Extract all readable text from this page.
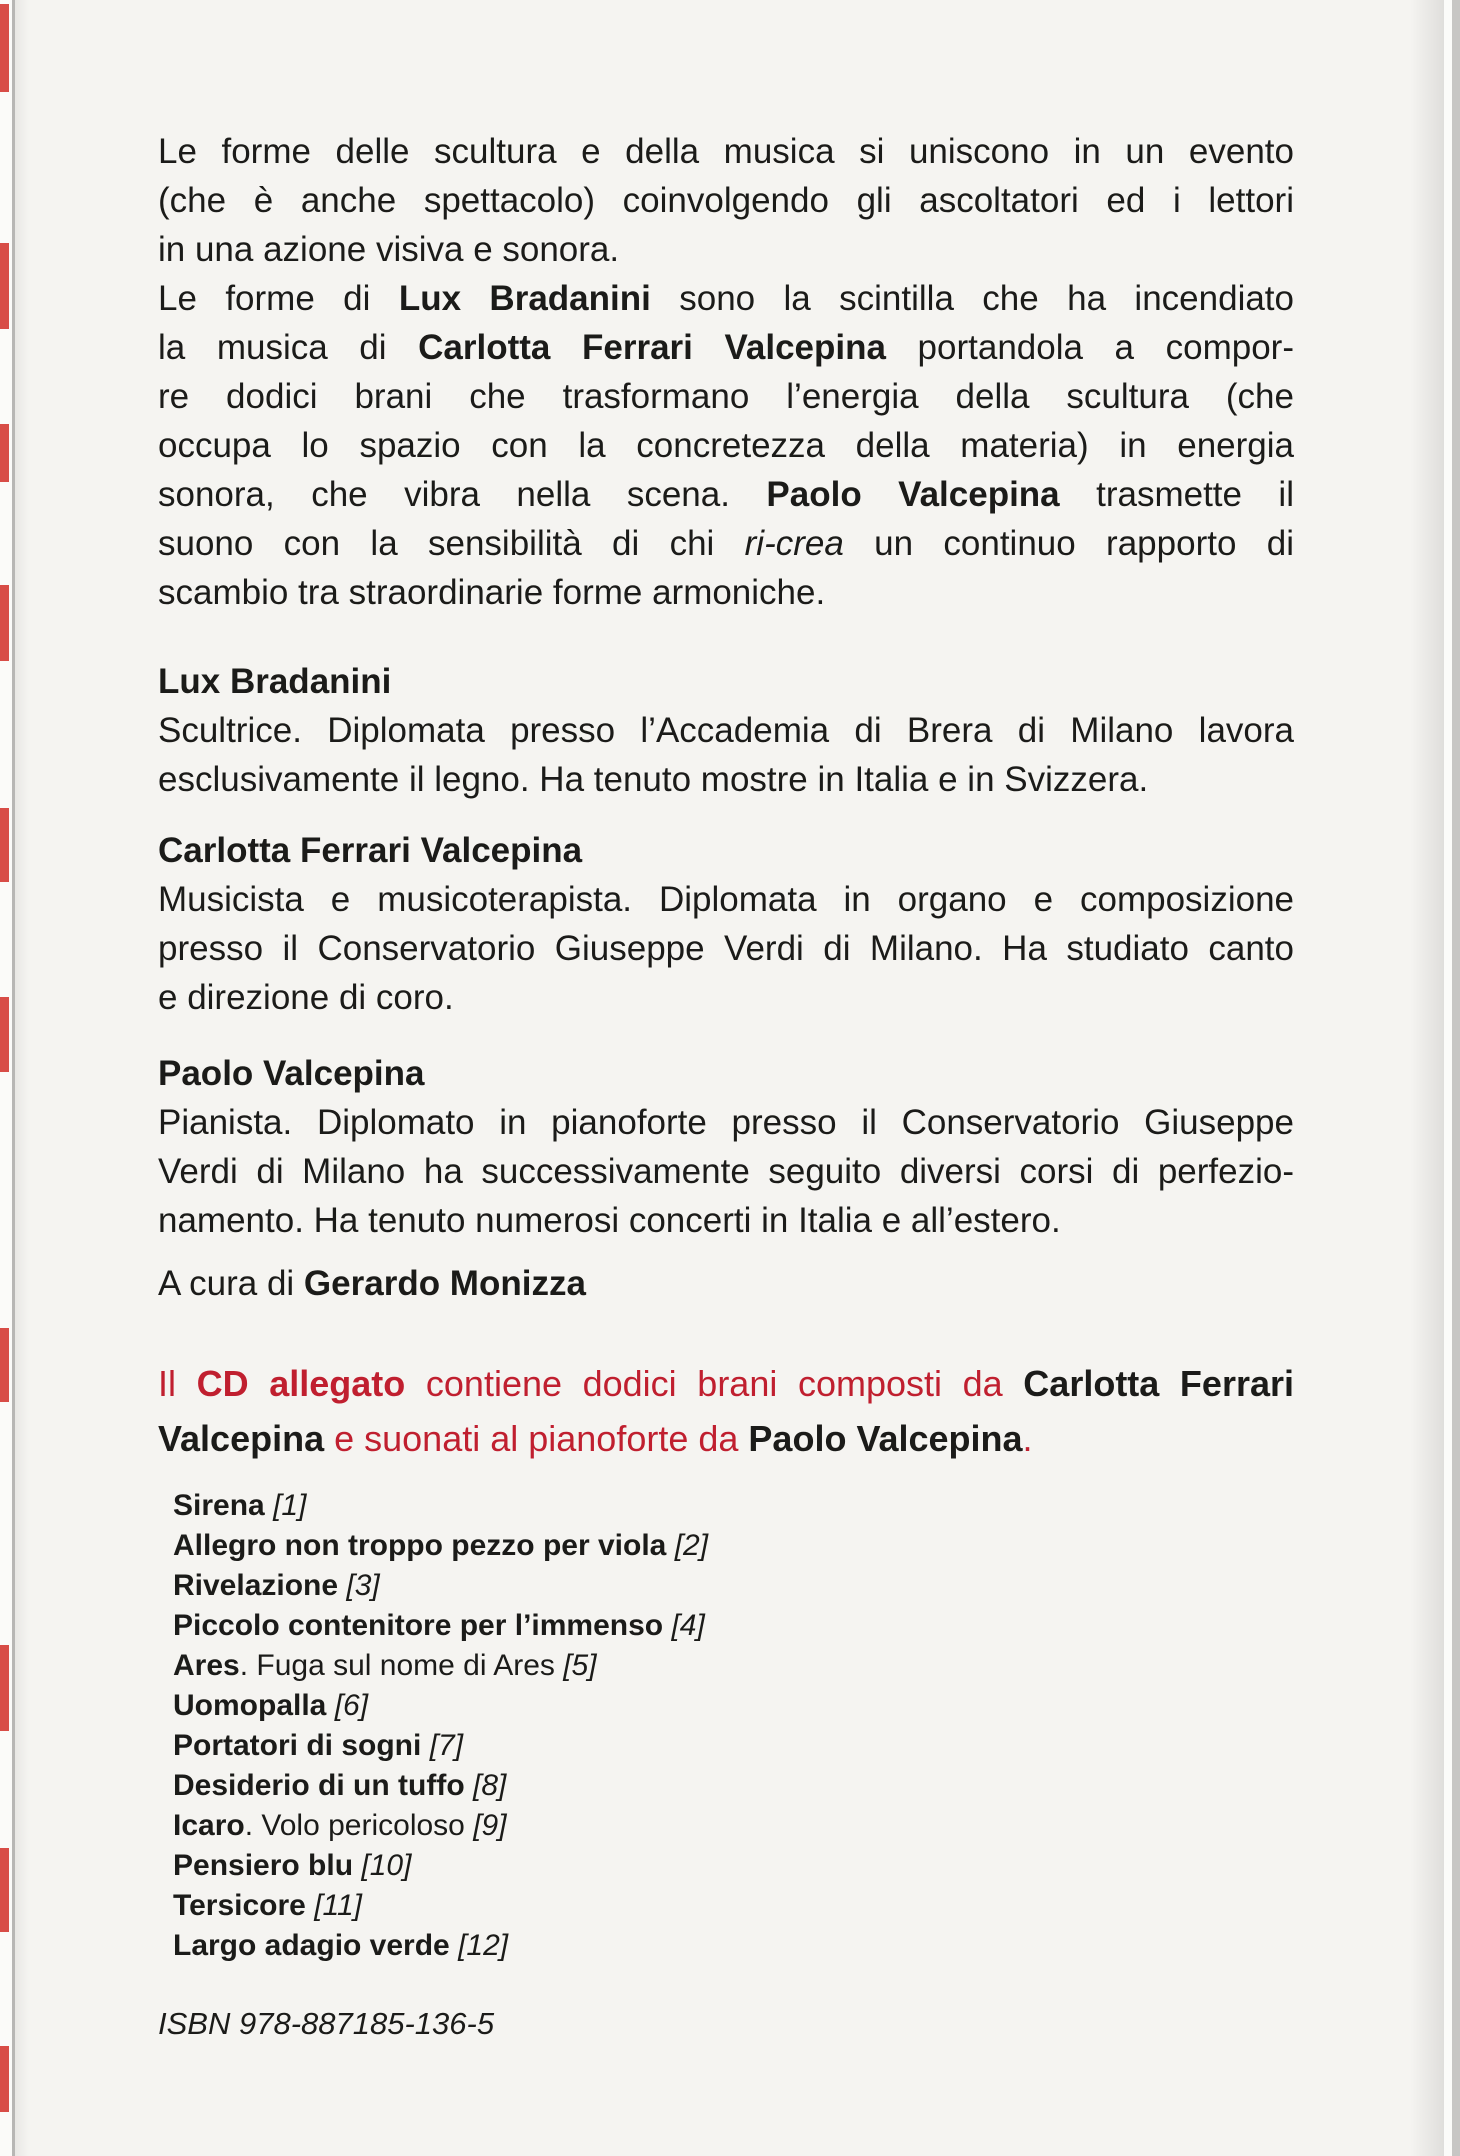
Le forme delle scultura e della musica si uniscono in un evento
(che è anche spettacolo) coinvolgendo gli ascoltatori ed i lettori
in una azione visiva e sonora.
Le forme di Lux Bradanini sono la scintilla che ha incendiato
la musica di Carlotta Ferrari Valcepina portandola a compor-
re dodici brani che trasformano l’energia della scultura (che
occupa lo spazio con la concretezza della materia) in energia
sonora, che vibra nella scena. Paolo Valcepina trasmette il
suono con la sensibilità di chi ri-crea un continuo rapporto di
scambio tra straordinarie forme armoniche.
Lux Bradanini
Scultrice. Diplomata presso l’Accademia di Brera di Milano lavora
esclusivamente il legno. Ha tenuto mostre in Italia e in Svizzera.
Carlotta Ferrari Valcepina
Musicista e musicoterapista. Diplomata in organo e composizione
presso il Conservatorio Giuseppe Verdi di Milano. Ha studiato canto
e direzione di coro.
Paolo Valcepina
Pianista. Diplomato in pianoforte presso il Conservatorio Giuseppe
Verdi di Milano ha successivamente seguito diversi corsi di perfezio-
namento. Ha tenuto numerosi concerti in Italia e all’estero.
A cura di Gerardo Monizza
Il CD allegato contiene dodici brani composti da Carlotta Ferrari
Valcepina e suonati al pianoforte da Paolo Valcepina.
Sirena [1]
Allegro non troppo pezzo per viola [2]
Rivelazione [3]
Piccolo contenitore per l’immenso [4]
Ares. Fuga sul nome di Ares [5]
Uomopalla [6]
Portatori di sogni [7]
Desiderio di un tuffo [8]
Icaro. Volo pericoloso [9]
Pensiero blu [10]
Tersicore [11]
Largo adagio verde [12]
ISBN 978-887185-136-5
